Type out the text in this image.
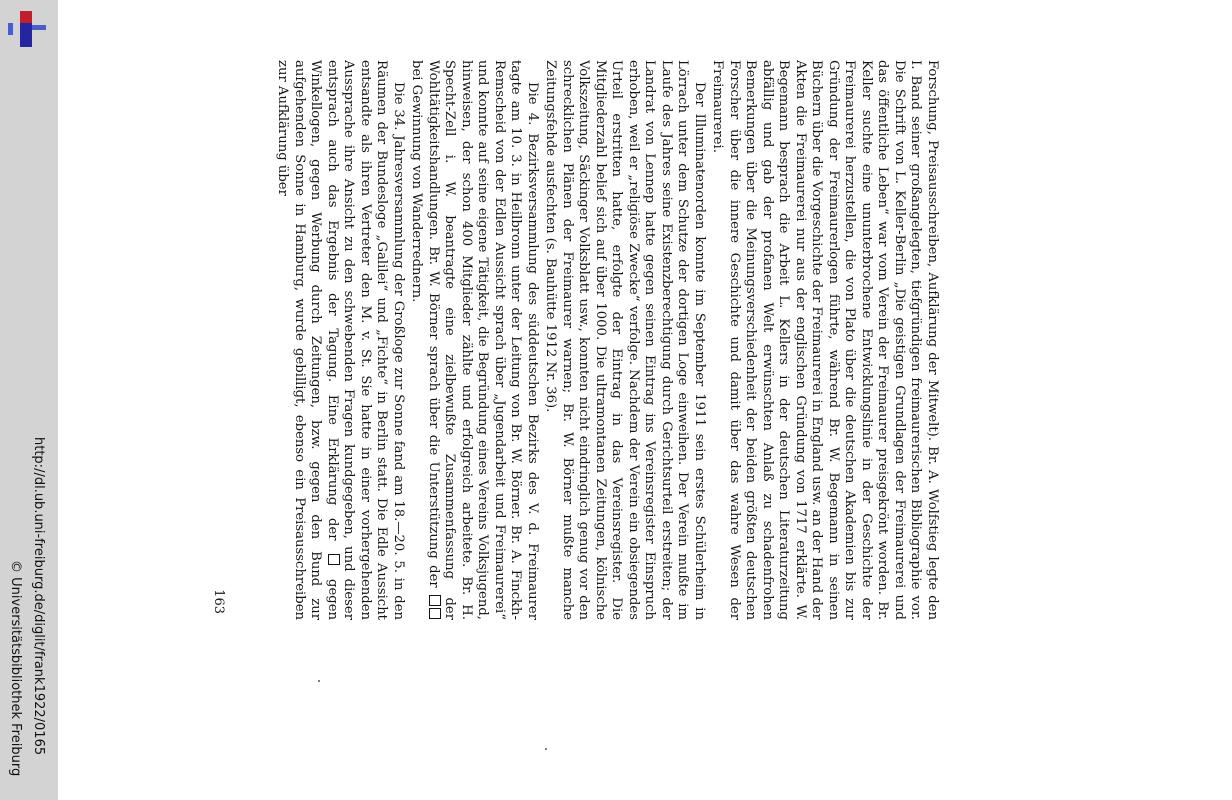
http://dl.ub.uni-freiburg.de/diglit/frank1922/0165
© Universitätsbibliothek Freiburg

Forschung, Preisausschreiben, Aufklärung der Mitwelt). Br. A. Wolfstieg legte den I. Band seiner großangelegten, tiefgründigen freimaurerischen Bibliographie vor. Die Schrift von L. Keller-Berlin „Die geistigen Grundlagen der Freimaurerei und das öffentliche Leben“ war vom Verein der Freimaurer preisgekrönt worden. Br. Keller suchte eine ununterbrochene Entwicklungslinie in der Geschichte der Freimaurerei herzustellen, die von Plato über die deutschen Akademien bis zur Gründung der Freimaurerlogen führte, während Br. W. Begemann in seinen Büchern über die Vorgeschichte der Freimaurerei in England usw. an der Hand der Akten die Freimaurerei nur aus der englischen Gründung von 1717 erklärte. W. Begemann besprach die Arbeit L. Kellers in der deutschen Literaturzeitung abfällig und gab der profanen Welt erwünschten Anlaß zu schadenfrohen Bemerkungen über die Meinungsverschiedenheit der beiden größten deutschen Forscher über die innere Geschichte und damit über das wahre Wesen der Freimaurerei.

Der Illuminatenorden konnte im September 1911 sein erstes Schülerheim in Lörrach unter dem Schutze der dortigen Loge einweihen. Der Verein mußte im Laufe des Jahres seine Existenzberechtigung durch Gerichtsurteil erstreiten; der Landrat von Lennep hatte gegen seinen Eintrag ins Vereinsregister Einspruch erhoben, weil er „religiöse Zwecke“ verfolge. Nachdem der Verein ein obsiegendes Urteil erstritten hatte, erfolgte der Eintrag in das Vereinsregister. Die Mitgliederzahl belief sich auf über 1000. Die ultramontanen Zeitungen, kölnische Volkszeitung, Säckinger Volksblatt usw., konnten nicht eindringlich genug vor den schrecklichen Plänen der Freimaurer warnen; Br. W. Börner mußte manche Zeitungsfehde ausfechten (s. Bauhütte 1912 Nr. 36).

Die 4. Bezirksversammlung des süddeutschen Bezirks des V. d. Freimaurer tagte am 10. 3. in Heilbronn unter der Leitung von Br. W. Börner. Br. A. Finckh-Remscheid von der Edlen Aussicht sprach über „Jugendarbeit und Freimaurerei“ und konnte auf seine eigene Tätigkeit, die Begründung eines Vereins Volksjugend, hinweisen, der schon 400 Mitglieder zählte und erfolgreich arbeitete. Br. H. Specht-Zell i. W. beantragte eine zielbewußte Zusammenfassung der Wohltätigkeitshandlungen. Br. W. Börner sprach über die Unterstützung der  bei Gewinnung von Wanderrednern.

Die 34. Jahresversammlung der Großloge zur Sonne fand am 18.—20. 5. in den Räumen der Bundesloge „Galilei“ und „Fichte“ in Berlin statt. Die Edle Aussicht entsandte als ihren Vertreter den M. v. St. Sie hatte in einer vorhergehenden Aussprache ihre Ansicht zu den schwebenden Fragen kundgegeben, und dieser entsprach auch das Ergebnis der Tagung. Eine Erklärung der  gegen Winkellogen, gegen Werbung durch Zeitungen, bzw. gegen den Bund zur aufgehenden Sonne in Hamburg, wurde gebilligt, ebenso ein Preisausschreiben zur Aufklärung über

163
